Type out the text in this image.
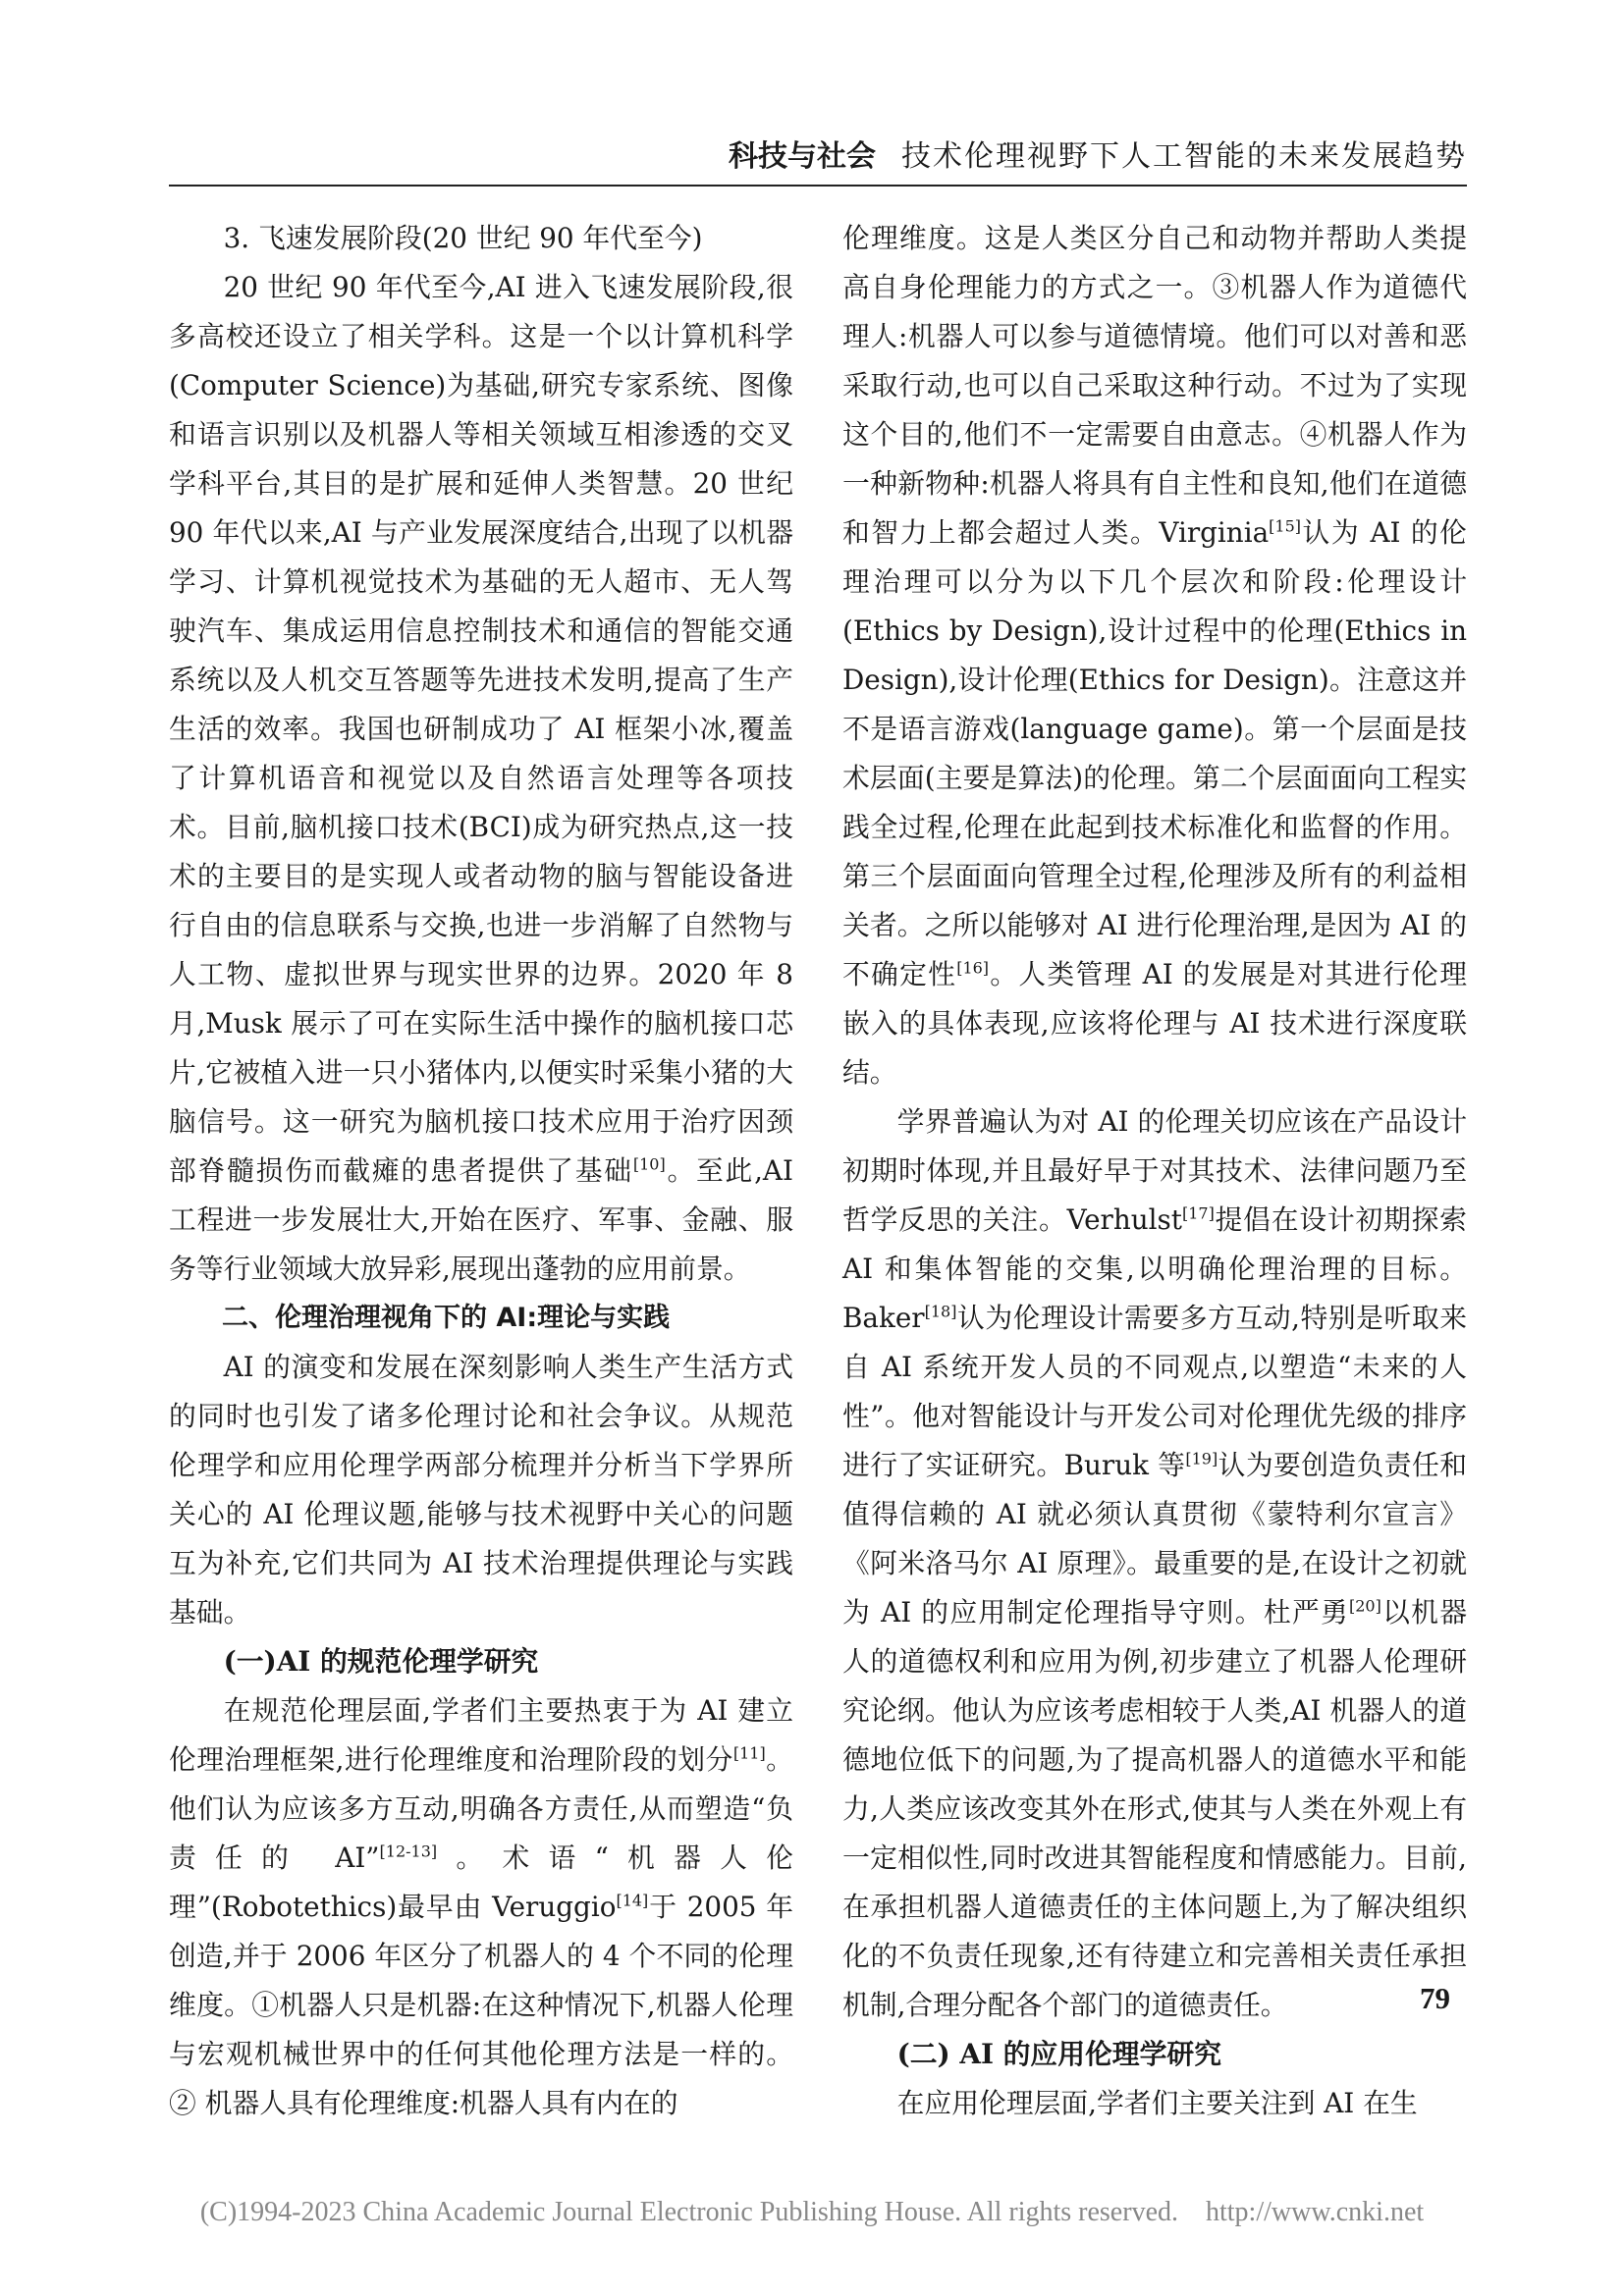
科技与社会 技术伦理视野下人工智能的未来发展趋势

3. 飞速发展阶段(20 世纪 90 年代至今)

20 世纪 90 年代至今,AI 进入飞速发展阶段,很多高校还设立了相关学科。这是一个以计算机科学(Computer Science)为基础,研究专家系统、图像和语言识别以及机器人等相关领域互相渗透的交叉学科平台,其目的是扩展和延伸人类智慧。20 世纪 90 年代以来,AI 与产业发展深度结合,出现了以机器学习、计算机视觉技术为基础的无人超市、无人驾驶汽车、集成运用信息控制技术和通信的智能交通系统以及人机交互答题等先进技术发明,提高了生产生活的效率。我国也研制成功了 AI 框架小冰,覆盖了计算机语音和视觉以及自然语言处理等各项技术。目前,脑机接口技术(BCI)成为研究热点,这一技术的主要目的是实现人或者动物的脑与智能设备进行自由的信息联系与交换,也进一步消解了自然物与人工物、虚拟世界与现实世界的边界。2020 年 8 月,Musk 展示了可在实际生活中操作的脑机接口芯片,它被植入进一只小猪体内,以便实时采集小猪的大脑信号。这一研究为脑机接口技术应用于治疗因颈部脊髓损伤而截瘫的患者提供了基础[10]。至此,AI 工程进一步发展壮大,开始在医疗、军事、金融、服务等行业领域大放异彩,展现出蓬勃的应用前景。

二、伦理治理视角下的 AI:理论与实践

AI 的演变和发展在深刻影响人类生产生活方式的同时也引发了诸多伦理讨论和社会争议。从规范伦理学和应用伦理学两部分梳理并分析当下学界所关心的 AI 伦理议题,能够与技术视野中关心的问题互为补充,它们共同为 AI 技术治理提供理论与实践基础。

(一)AI 的规范伦理学研究

在规范伦理层面,学者们主要热衷于为 AI 建立伦理治理框架,进行伦理维度和治理阶段的划分[11]。他们认为应该多方互动,明确各方责任,从而塑造“负责任的 AI”[12-13]。术语“机器人伦理”(Robotethics)最早由 Veruggio[14]于 2005 年创造,并于 2006 年区分了机器人的 4 个不同的伦理维度。①机器人只是机器:在这种情况下,机器人伦理与宏观机械世界中的任何其他伦理方法是一样的。② 机器人具有伦理维度:机器人具有内在的

伦理维度。这是人类区分自己和动物并帮助人类提高自身伦理能力的方式之一。③机器人作为道德代理人:机器人可以参与道德情境。他们可以对善和恶采取行动,也可以自己采取这种行动。不过为了实现这个目的,他们不一定需要自由意志。④机器人作为一种新物种:机器人将具有自主性和良知,他们在道德和智力上都会超过人类。Virginia[15]认为 AI 的伦理治理可以分为以下几个层次和阶段:伦理设计(Ethics by Design),设计过程中的伦理(Ethics in Design),设计伦理(Ethics for Design)。注意这并不是语言游戏(language game)。第一个层面是技术层面(主要是算法)的伦理。第二个层面面向工程实践全过程,伦理在此起到技术标准化和监督的作用。第三个层面面向管理全过程,伦理涉及所有的利益相关者。之所以能够对 AI 进行伦理治理,是因为 AI 的不确定性[16]。人类管理 AI 的发展是对其进行伦理嵌入的具体表现,应该将伦理与 AI 技术进行深度联结。

学界普遍认为对 AI 的伦理关切应该在产品设计初期时体现,并且最好早于对其技术、法律问题乃至哲学反思的关注。Verhulst[17]提倡在设计初期探索 AI 和集体智能的交集,以明确伦理治理的目标。Baker[18]认为伦理设计需要多方互动,特别是听取来自 AI 系统开发人员的不同观点,以塑造“未来的人性”。他对智能设计与开发公司对伦理优先级的排序进行了实证研究。Buruk 等[19]认为要创造负责任和值得信赖的 AI 就必须认真贯彻《蒙特利尔宣言》《阿米洛马尔 AI 原理》。最重要的是,在设计之初就为 AI 的应用制定伦理指导守则。杜严勇[20]以机器人的道德权利和应用为例,初步建立了机器人伦理研究论纲。他认为应该考虑相较于人类,AI 机器人的道德地位低下的问题,为了提高机器人的道德水平和能力,人类应该改变其外在形式,使其与人类在外观上有一定相似性,同时改进其智能程度和情感能力。目前,在承担机器人道德责任的主体问题上,为了解决组织化的不负责任现象,还有待建立和完善相关责任承担机制,合理分配各个部门的道德责任。

(二) AI 的应用伦理学研究

在应用伦理层面,学者们主要关注到 AI 在生

79
(C)1994-2023 China Academic Journal Electronic Publishing House. All rights reserved. http://www.cnki.net
